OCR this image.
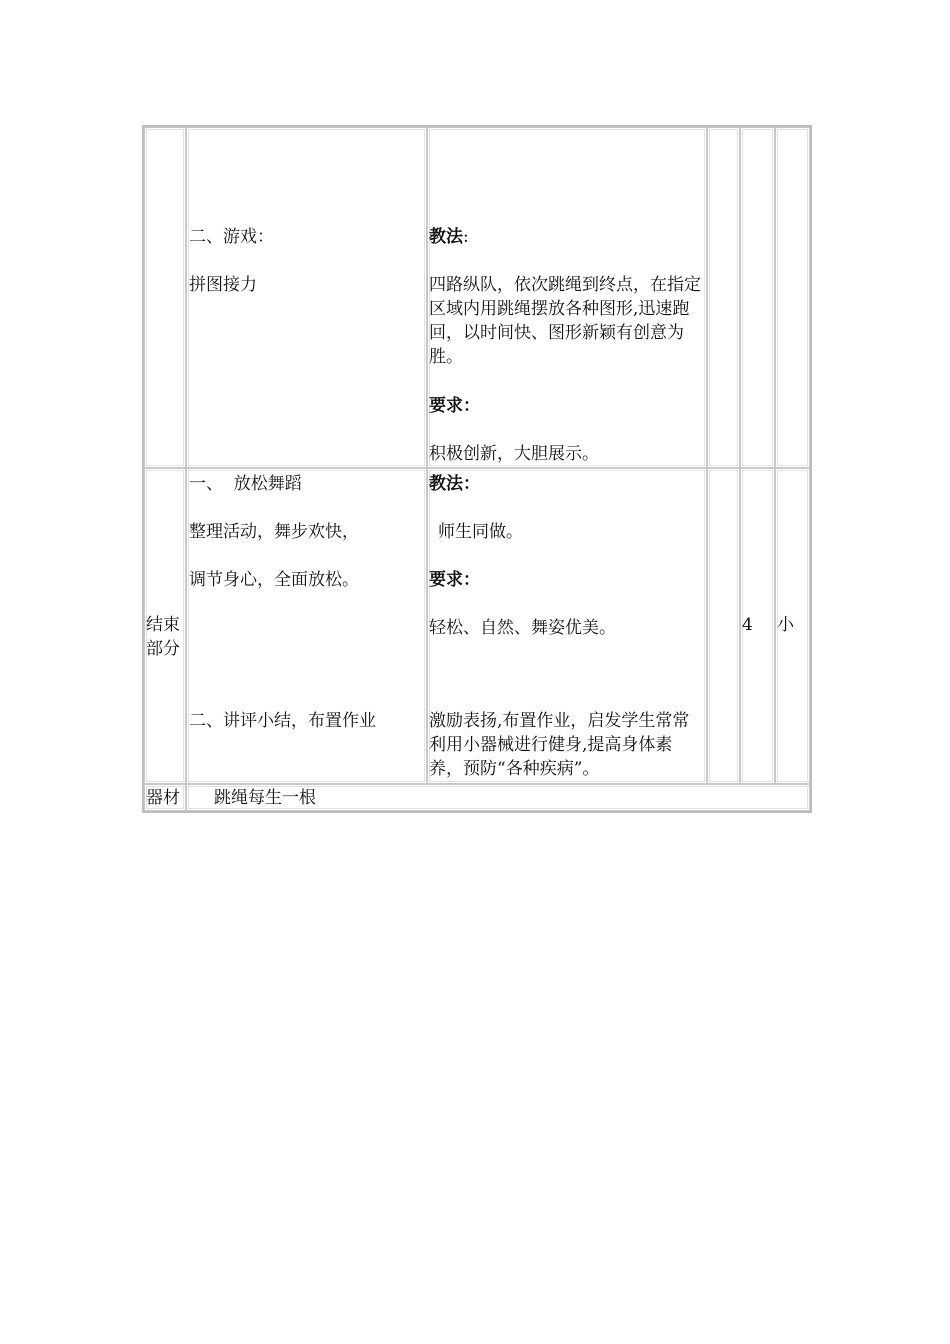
二、游戏：
拼图接力
教法:
四路纵队，依次跳绳到终点，在指定区域内用跳绳摆放各种图形,迅速跑回，以时间快、图形新颖有创意为胜。
要求：
积极创新，大胆展示。
结束
部分
一、  放松舞蹈
整理活动，舞步欢快，
调节身心，全面放松。
二、讲评小结，布置作业
教法：
师生同做。
要求：
轻松、自然、舞姿优美。
激励表扬,布置作业，启发学生常常利用小器械进行健身,提高身体素养，预防“各种疾病”。
4 小
器材 跳绳每生一根
